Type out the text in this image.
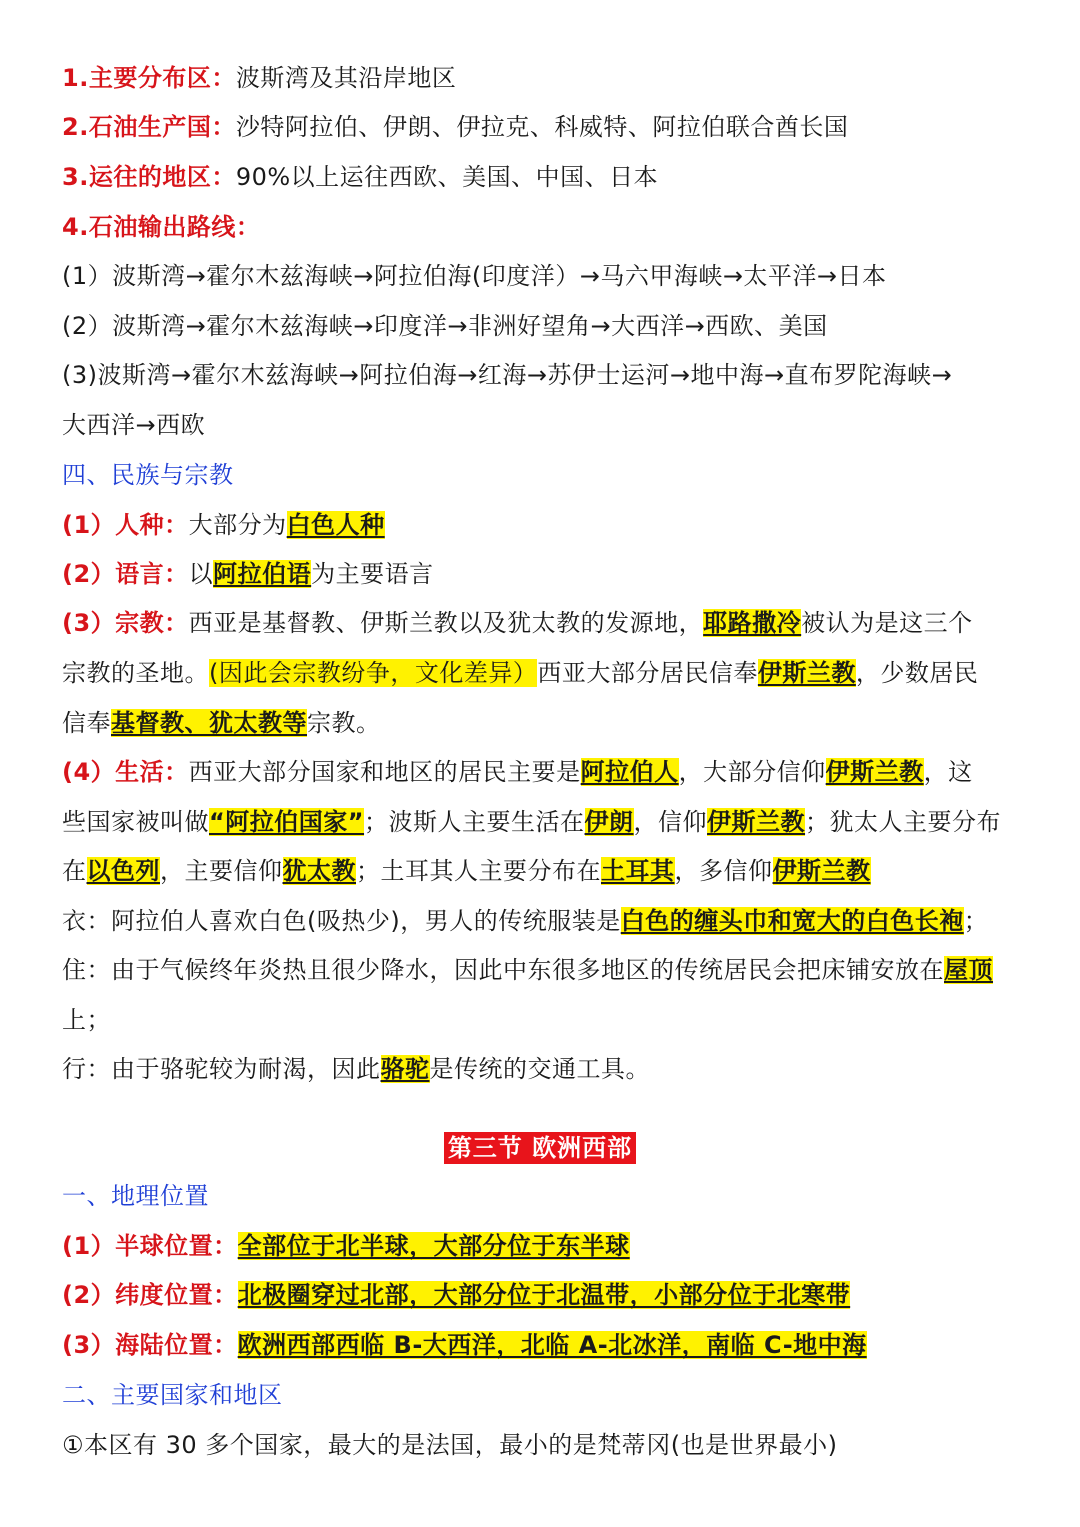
1.主要分布区：波斯湾及其沿岸地区
2.石油生产国：沙特阿拉伯、伊朗、伊拉克、科威特、阿拉伯联合酋长国
3.运往的地区：90%以上运往西欧、美国、中国、日本
4.石油输出路线：
(1）波斯湾→霍尔木兹海峡→阿拉伯海(印度洋）→马六甲海峡→太平洋→日本
(2）波斯湾→霍尔木兹海峡→印度洋→非洲好望角→大西洋→西欧、美国
(3)波斯湾→霍尔木兹海峡→阿拉伯海→红海→苏伊士运河→地中海→直布罗陀海峡→
大西洋→西欧
四、民族与宗教
(1）人种：大部分为白色人种
(2）语言：以阿拉伯语为主要语言
(3）宗教：西亚是基督教、伊斯兰教以及犹太教的发源地，耶路撒冷被认为是这三个
宗教的圣地。(因此会宗教纷争，文化差异）西亚大部分居民信奉伊斯兰教，少数居民
信奉基督教、犹太教等宗教。
(4）生活：西亚大部分国家和地区的居民主要是阿拉伯人，大部分信仰伊斯兰教，这
些国家被叫做“阿拉伯国家”；波斯人主要生活在伊朗，信仰伊斯兰教；犹太人主要分布
在以色列，主要信仰犹太教；土耳其人主要分布在土耳其，多信仰伊斯兰教
衣：阿拉伯人喜欢白色(吸热少)，男人的传统服装是白色的缠头巾和宽大的白色长袍；
住：由于气候终年炎热且很少降水，因此中东很多地区的传统居民会把床铺安放在屋顶
上；
行：由于骆驼较为耐渴，因此骆驼是传统的交通工具。
第三节 欧洲西部
一、地理位置
(1）半球位置：全部位于北半球，大部分位于东半球
(2）纬度位置：北极圈穿过北部，大部分位于北温带，小部分位于北寒带
(3）海陆位置：欧洲西部西临 B-大西洋，北临 A-北冰洋，南临 C-地中海
二、主要国家和地区
①本区有 30 多个国家，最大的是法国，最小的是梵蒂冈(也是世界最小)
